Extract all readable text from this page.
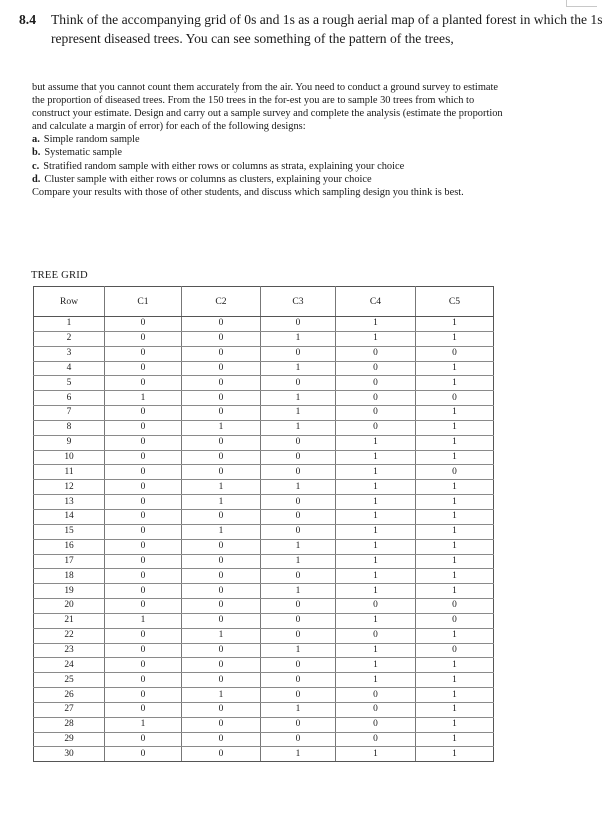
8.4 Think of the accompanying grid of 0s and 1s as a rough aerial map of a planted forest in which the 1s represent diseased trees. You can see something of the pattern of the trees,

but assume that you cannot count them accurately from the air. You need to conduct a ground survey to estimate the proportion of diseased trees. From the 150 trees in the for-est you are to sample 30 trees from which to construct your estimate. Design and carry out a sample survey and complete the analysis (estimate the proportion and calculate a margin of error) for each of the following designs:

a. Simple random sample
b. Systematic sample
c. Stratified random sample with either rows or columns as strata, explaining your choice
d. Cluster sample with either rows or columns as clusters, explaining your choice

Compare your results with those of other students, and discuss which sampling design you think is best.

TREE GRID
Row	C1	C2	C3	C4	C5
1	0	0	0	1	1
2	0	0	1	1	1
3	0	0	0	0	0
4	0	0	1	0	1
5	0	0	0	0	1
6	1	0	1	0	0
7	0	0	1	0	1
8	0	1	1	0	1
9	0	0	0	1	1
10	0	0	0	1	1
11	0	0	0	1	0
12	0	1	1	1	1
13	0	1	0	1	1
14	0	0	0	1	1
15	0	1	0	1	1
16	0	0	1	1	1
17	0	0	1	1	1
18	0	0	0	1	1
19	0	0	1	1	1
20	0	0	0	0	0
21	1	0	0	1	0
22	0	1	0	0	1
23	0	0	1	1	0
24	0	0	0	1	1
25	0	0	0	1	1
26	0	1	0	0	1
27	0	0	1	0	1
28	1	0	0	0	1
29	0	0	0	0	1
30	0	0	1	1	1
